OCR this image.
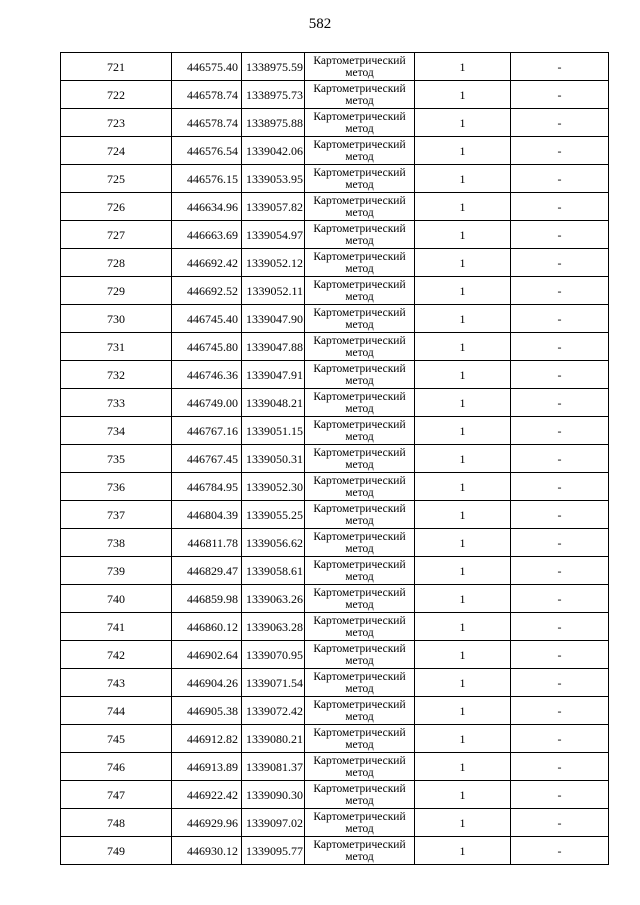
582
721	446575.40	1338975.59	Картометрический метод	1	-
722	446578.74	1338975.73	Картометрический метод	1	-
723	446578.74	1338975.88	Картометрический метод	1	-
724	446576.54	1339042.06	Картометрический метод	1	-
725	446576.15	1339053.95	Картометрический метод	1	-
726	446634.96	1339057.82	Картометрический метод	1	-
727	446663.69	1339054.97	Картометрический метод	1	-
728	446692.42	1339052.12	Картометрический метод	1	-
729	446692.52	1339052.11	Картометрический метод	1	-
730	446745.40	1339047.90	Картометрический метод	1	-
731	446745.80	1339047.88	Картометрический метод	1	-
732	446746.36	1339047.91	Картометрический метод	1	-
733	446749.00	1339048.21	Картометрический метод	1	-
734	446767.16	1339051.15	Картометрический метод	1	-
735	446767.45	1339050.31	Картометрический метод	1	-
736	446784.95	1339052.30	Картометрический метод	1	-
737	446804.39	1339055.25	Картометрический метод	1	-
738	446811.78	1339056.62	Картометрический метод	1	-
739	446829.47	1339058.61	Картометрический метод	1	-
740	446859.98	1339063.26	Картометрический метод	1	-
741	446860.12	1339063.28	Картометрический метод	1	-
742	446902.64	1339070.95	Картометрический метод	1	-
743	446904.26	1339071.54	Картометрический метод	1	-
744	446905.38	1339072.42	Картометрический метод	1	-
745	446912.82	1339080.21	Картометрический метод	1	-
746	446913.89	1339081.37	Картометрический метод	1	-
747	446922.42	1339090.30	Картометрический метод	1	-
748	446929.96	1339097.02	Картометрический метод	1	-
749	446930.12	1339095.77	Картометрический метод	1	-
